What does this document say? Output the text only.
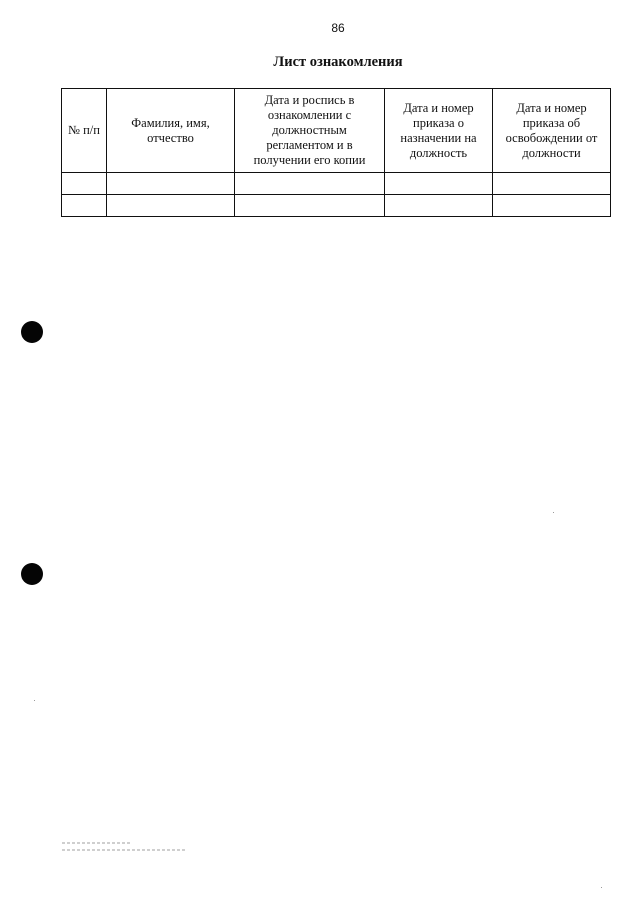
86
Лист ознакомления
№ п/п	Фамилия, имя, отчество	Дата и роспись в ознакомлении с должностным регламентом и в получении его копии	Дата и номер приказа о назначении на должность	Дата и номер приказа об освобождении от должности
